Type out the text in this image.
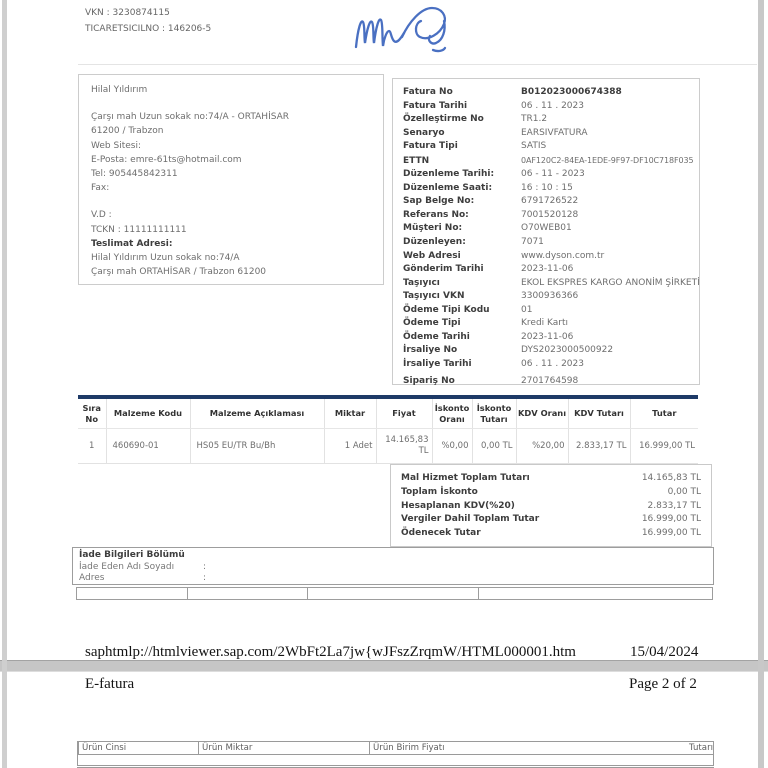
VKN : 3230874115
TICARETSICILNO : 146206-5
Hilal Yıldırım
Çarşı mah Uzun sokak no:74/A - ORTAHİSAR
61200 / Trabzon
Web Sitesi:
E-Posta: emre-61ts@hotmail.com
Tel: 905445842311
Fax:
V.D :
TCKN : 11111111111
Teslimat Adresi:
Hilal Yıldırım Uzun sokak no:74/A
Çarşı mah ORTAHİSAR / Trabzon 61200
Fatura No	B012023000674388
Fatura Tarihi	06 . 11 . 2023
Özelleştirme No	TR1.2
Senaryo	EARSIVFATURA
Fatura Tipi	SATIS
ETTN	0AF120C2-84EA-1EDE-9F97-DF10C718F035
Düzenleme Tarihi:	06 - 11 - 2023
Düzenleme Saati:	16 : 10 : 15
Sap Belge No:	6791726522
Referans No:	7001520128
Müşteri No:	O70WEB01
Düzenleyen:	7071
Web Adresi	www.dyson.com.tr
Gönderim Tarihi	2023-11-06
Taşıyıcı	EKOL EKSPRES KARGO ANONİM ŞİRKETİ
Taşıyıcı VKN	3300936366
Ödeme Tipi Kodu	01
Ödeme Tipi	Kredi Kartı
Ödeme Tarihi	2023-11-06
İrsaliye No	DYS2023000500922
İrsaliye Tarihi	06 . 11 . 2023
Sipariş No	2701764598
Sıra No	Malzeme Kodu	Malzeme Açıklaması	Miktar	Fiyat	İskonto Oranı	İskonto Tutarı	KDV Oranı	KDV Tutarı	Tutar
1	460690-01	HS05 EU/TR Bu/Bh	1 Adet	14.165,83 TL	%0,00	0,00 TL	%20,00	2.833,17 TL	16.999,00 TL
Mal Hizmet Toplam Tutarı	14.165,83 TL
Toplam İskonto	0,00 TL
Hesaplanan KDV(%20)	2.833,17 TL
Vergiler Dahil Toplam Tutar	16.999,00 TL
Ödenecek Tutar	16.999,00 TL
İade Bilgileri Bölümü
İade Eden Adı Soyadı	:
Adres	:
saphtmlp://htmlviewer.sap.com/2WbFt2La7jw{wJFszZrqmW/HTML000001.htm	15/04/2024
E-fatura	Page 2 of 2
Ürün Cinsi	Ürün Miktar	Ürün Birim Fiyatı	Tutarı
